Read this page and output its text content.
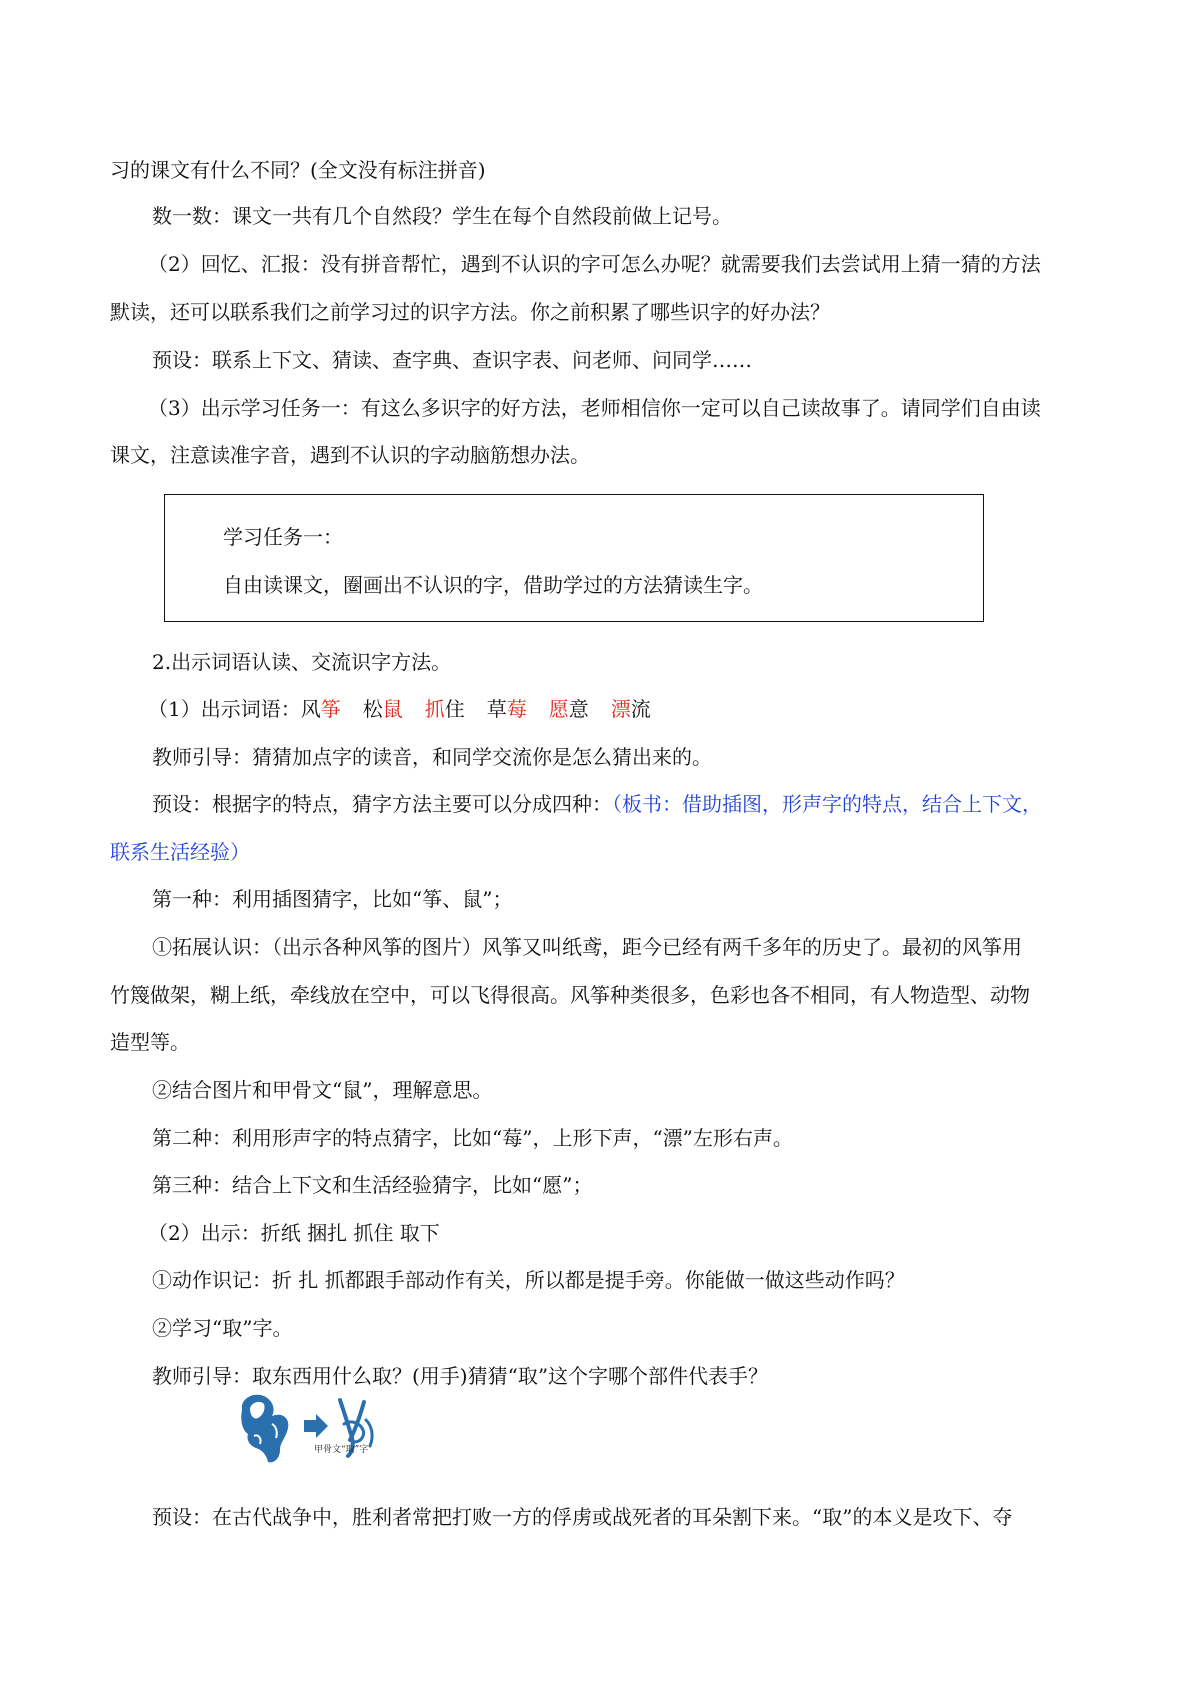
习的课文有什么不同？(全文没有标注拼音)
数一数：课文一共有几个自然段？学生在每个自然段前做上记号。
（2）回忆、汇报：没有拼音帮忙，遇到不认识的字可怎么办呢？就需要我们去尝试用上猜一猜的方法
默读，还可以联系我们之前学习过的识字方法。你之前积累了哪些识字的好办法？
预设：联系上下文、猜读、查字典、查识字表、问老师、问同学……
（3）出示学习任务一：有这么多识字的好方法，老师相信你一定可以自己读故事了。请同学们自由读
课文，注意读准字音，遇到不认识的字动脑筋想办法。
学习任务一：
自由读课文，圈画出不认识的字，借助学过的方法猜读生字。
2.出示词语认读、交流识字方法。
（1）出示词语：风筝 松鼠 抓住 草莓 愿意 漂流
教师引导：猜猜加点字的读音，和同学交流你是怎么猜出来的。
预设：根据字的特点，猜字方法主要可以分成四种：（板书：借助插图，形声字的特点，结合上下文，
联系生活经验）
第一种：利用插图猜字，比如“筝、鼠”；
①拓展认识：（出示各种风筝的图片）风筝又叫纸鸢，距今已经有两千多年的历史了。最初的风筝用
竹篾做架，糊上纸，牵线放在空中，可以飞得很高。风筝种类很多，色彩也各不相同，有人物造型、动物
造型等。
②结合图片和甲骨文“鼠”，理解意思。
第二种：利用形声字的特点猜字，比如“莓”，上形下声，“漂”左形右声。
第三种：结合上下文和生活经验猜字，比如“愿”；
（2）出示：折纸 捆扎 抓住 取下
①动作识记：折 扎 抓都跟手部动作有关，所以都是提手旁。你能做一做这些动作吗？
②学习“取”字。
教师引导：取东西用什么取？(用手)猜猜“取”这个字哪个部件代表手？
甲骨文“取”字
预设：在古代战争中，胜利者常把打败一方的俘虏或战死者的耳朵割下来。“取”的本义是攻下、夺
